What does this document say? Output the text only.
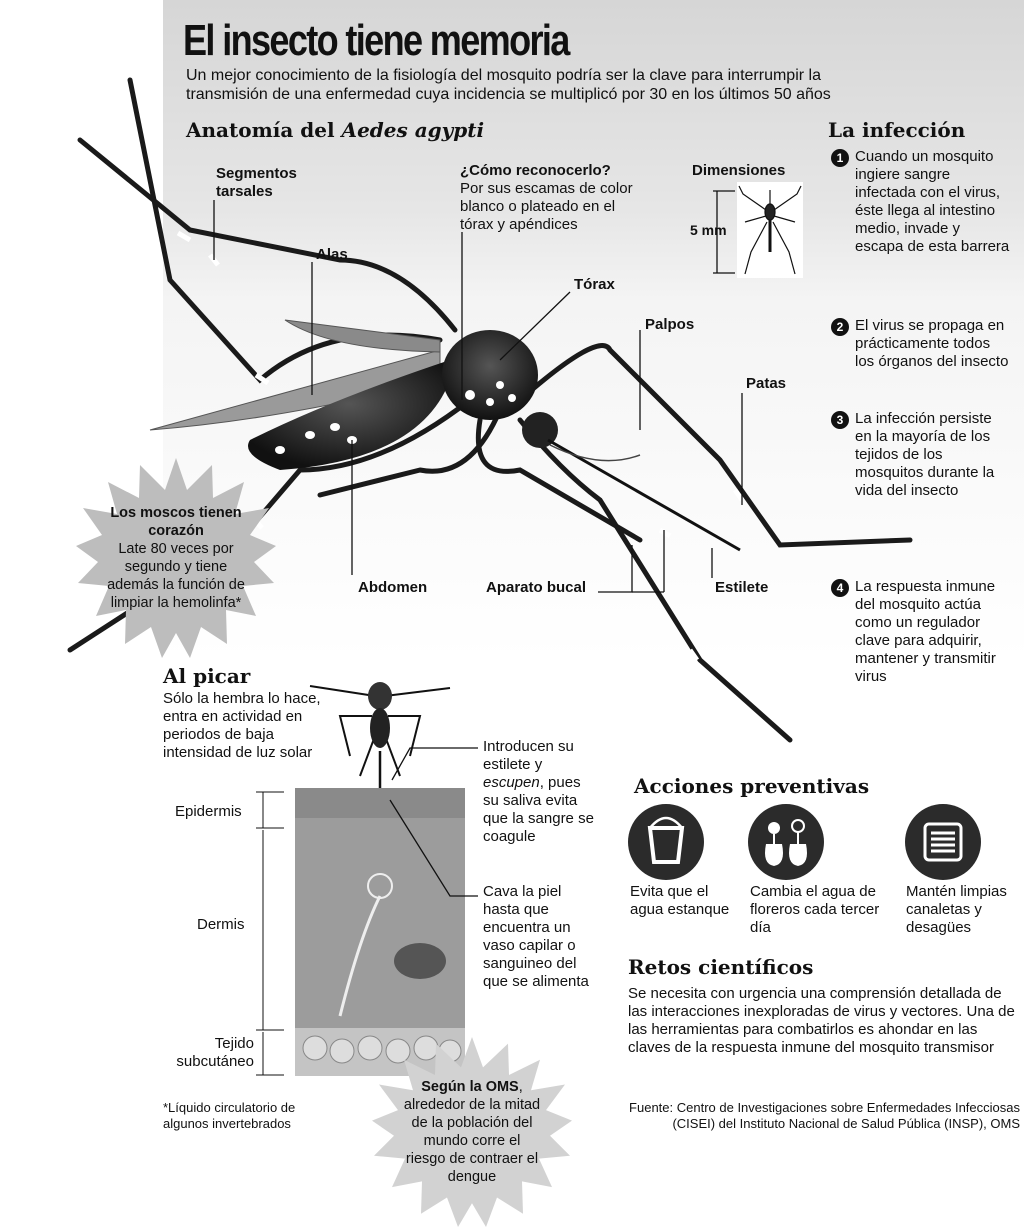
El insecto tiene memoria
Un mejor conocimiento de la fisiología del mosquito podría ser la clave para interrumpir la transmisión de una enfermedad cuya incidencia se multiplicó por 30 en los últimos 50 años
Anatomía del Aedes agypti
Segmentos tarsales
Alas
¿Cómo reconocerlo?
Por sus escamas de color blanco o plateado en el tórax y apéndices
Tórax
Palpos
Patas
Abdomen	Aparato bucal	Estilete
Dimensiones
5 mm
Los moscos tienen corazón
Late 80 veces por segundo y tiene además la función de limpiar la hemolinfa*
La infección
1 Cuando un mosquito ingiere sangre infectada con el virus, éste llega al intestino medio, invade y escapa de esta barrera
2 El virus se propaga en prácticamente todos los órganos del insecto
3 La infección persiste en la mayoría de los tejidos de los mosquitos durante la vida del insecto
4 La respuesta inmune del mosquito actúa como un regulador clave para adquirir, mantener y transmitir virus
Al picar
Sólo la hembra lo hace, entra en actividad en periodos de baja intensidad de luz solar
Epidermis
Dermis
Tejido subcutáneo
Introducen su estilete y escupen, pues su saliva evita que la sangre se coagule
Cava la piel hasta que encuentra un vaso capilar o sanguineo del que se alimenta
*Líquido circulatorio de algunos invertebrados
Según la OMS, alrededor de la mitad de la población del mundo corre el riesgo de contraer el dengue
Acciones preventivas
Evita que el agua estanque
Cambia el agua de floreros cada tercer día
Mantén limpias canaletas y desagües
Retos científicos
Se necesita con urgencia una comprensión detallada de las interacciones inexploradas de virus y vectores. Una de las herramientas para combatirlos es ahondar en las claves de la respuesta inmune del mosquito transmisor
Fuente: Centro de Investigaciones sobre Enfermedades Infecciosas (CISEI) del Instituto Nacional de Salud Pública (INSP), OMS
